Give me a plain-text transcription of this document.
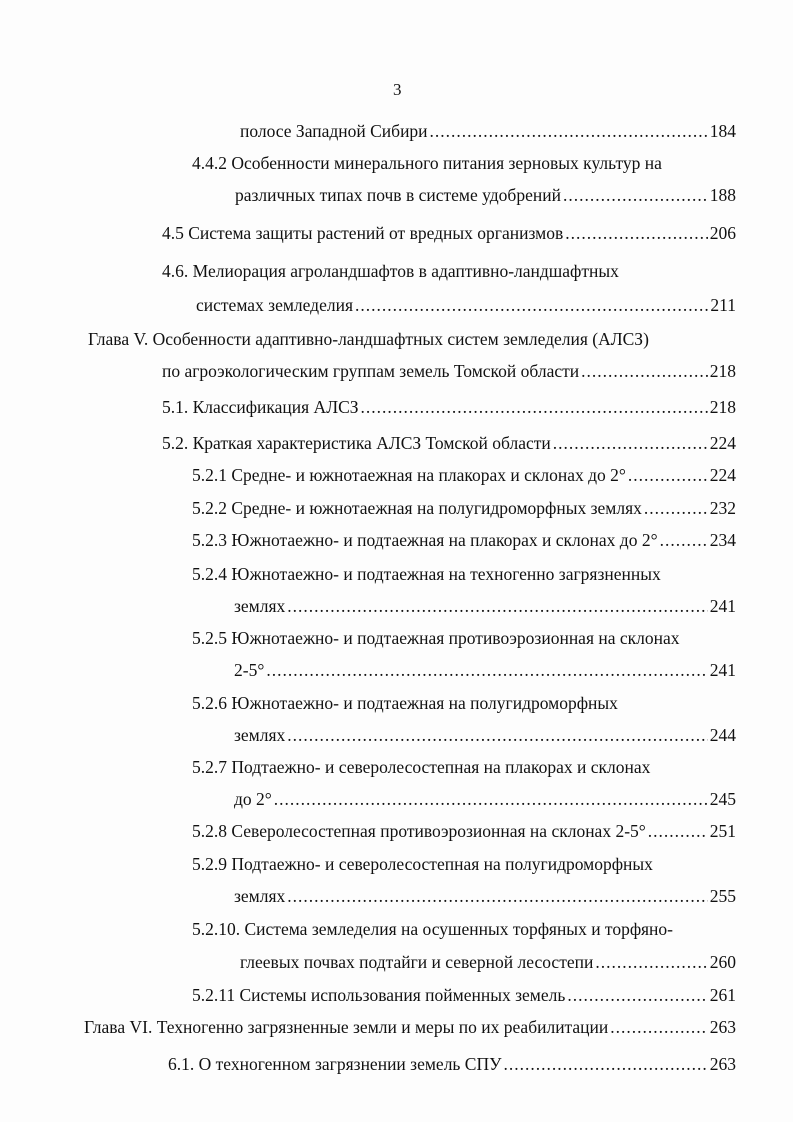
3
полосе Западной Сибири .....	184
4.4.2 Особенности минерального питания зерновых культур на
различных типах почв в системе удобрений .....	188
4.5 Система защиты растений от вредных организмов .....	206
4.6. Мелиорация агроландшафтов в адаптивно-ландшафтных
системах земледелия .....	211
Глава V. Особенности адаптивно-ландшафтных систем земледелия (АЛСЗ)
по агроэкологическим группам земель Томской области .....	218
5.1. Классификация АЛСЗ .....	218
5.2. Краткая характеристика АЛСЗ Томской области .....	224
5.2.1 Средне- и южнотаежная на плакорах и склонах до 2° .....	224
5.2.2 Средне- и южнотаежная на полугидроморфных землях .....	232
5.2.3 Южнотаежно- и подтаежная на плакорах и склонах до 2° .....	234
5.2.4 Южнотаежно- и подтаежная на техногенно загрязненных
землях .....	241
5.2.5 Южнотаежно- и подтаежная противоэрозионная на склонах
2-5° .....	241
5.2.6 Южнотаежно- и подтаежная на полугидроморфных
землях .....	244
5.2.7 Подтаежно- и северолесостепная на плакорах и склонах
до 2° .....	245
5.2.8 Северолесостепная противоэрозионная на склонах 2-5° .....	251
5.2.9 Подтаежно- и северолесостепная на полугидроморфных
землях .....	255
5.2.10. Система земледелия на осушенных торфяных и торфяно-
глеевых почвах подтайги и северной лесостепи .....	260
5.2.11 Системы использования пойменных земель .....	261
Глава VI. Техногенно загрязненные земли и меры по их реабилитации .....	263
6.1. О техногенном загрязнении земель СПУ .....	263
